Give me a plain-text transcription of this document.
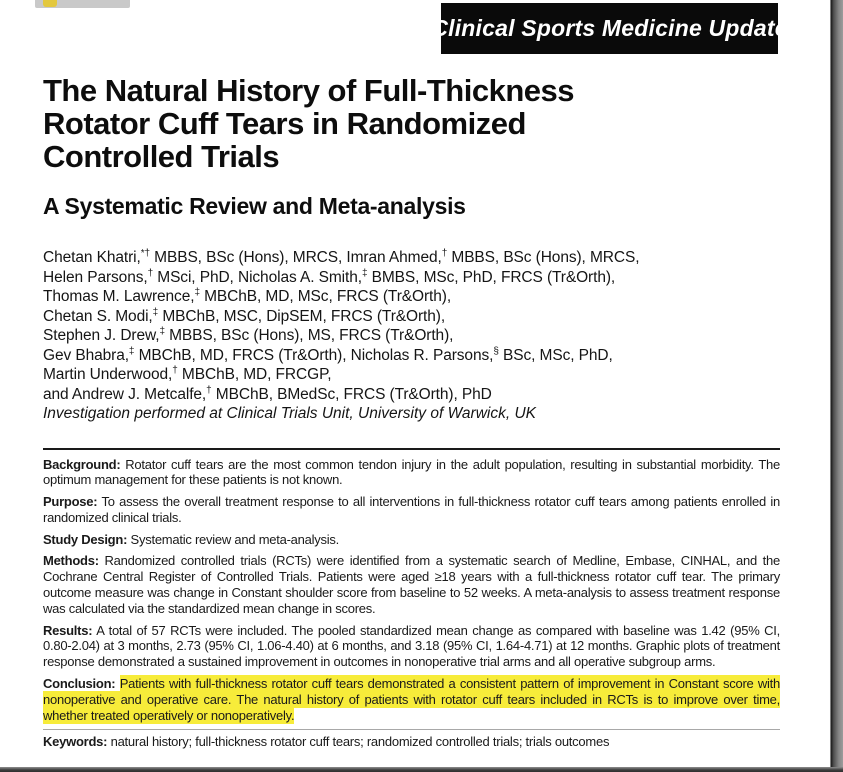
Clinical Sports Medicine Update
The Natural History of Full-Thickness
Rotator Cuff Tears in Randomized
Controlled Trials
A Systematic Review and Meta-analysis
Chetan Khatri,*† MBBS, BSc (Hons), MRCS, Imran Ahmed,† MBBS, BSc (Hons), MRCS,
Helen Parsons,† MSci, PhD, Nicholas A. Smith,‡ BMBS, MSc, PhD, FRCS (Tr&Orth),
Thomas M. Lawrence,‡ MBChB, MD, MSc, FRCS (Tr&Orth),
Chetan S. Modi,‡ MBChB, MSC, DipSEM, FRCS (Tr&Orth),
Stephen J. Drew,‡ MBBS, BSc (Hons), MS, FRCS (Tr&Orth),
Gev Bhabra,‡ MBChB, MD, FRCS (Tr&Orth), Nicholas R. Parsons,§ BSc, MSc, PhD,
Martin Underwood,† MBChB, MD, FRCGP,
and Andrew J. Metcalfe,† MBChB, BMedSc, FRCS (Tr&Orth), PhD
Investigation performed at Clinical Trials Unit, University of Warwick, UK

Background: Rotator cuff tears are the most common tendon injury in the adult population, resulting in substantial morbidity. The optimum management for these patients is not known.

Purpose: To assess the overall treatment response to all interventions in full-thickness rotator cuff tears among patients enrolled in randomized clinical trials.

Study Design: Systematic review and meta-analysis.

Methods: Randomized controlled trials (RCTs) were identified from a systematic search of Medline, Embase, CINHAL, and the Cochrane Central Register of Controlled Trials. Patients were aged ≥18 years with a full-thickness rotator cuff tear. The primary outcome measure was change in Constant shoulder score from baseline to 52 weeks. A meta-analysis to assess treatment response was calculated via the standardized mean change in scores.

Results: A total of 57 RCTs were included. The pooled standardized mean change as compared with baseline was 1.42 (95% CI, 0.80-2.04) at 3 months, 2.73 (95% CI, 1.06-4.40) at 6 months, and 3.18 (95% CI, 1.64-4.71) at 12 months. Graphic plots of treatment response demonstrated a sustained improvement in outcomes in nonoperative trial arms and all operative subgroup arms.

Conclusion: Patients with full-thickness rotator cuff tears demonstrated a consistent pattern of improvement in Constant score with nonoperative and operative care. The natural history of patients with rotator cuff tears included in RCTs is to improve over time, whether treated operatively or nonoperatively.

Keywords: natural history; full-thickness rotator cuff tears; randomized controlled trials; trials outcomes
